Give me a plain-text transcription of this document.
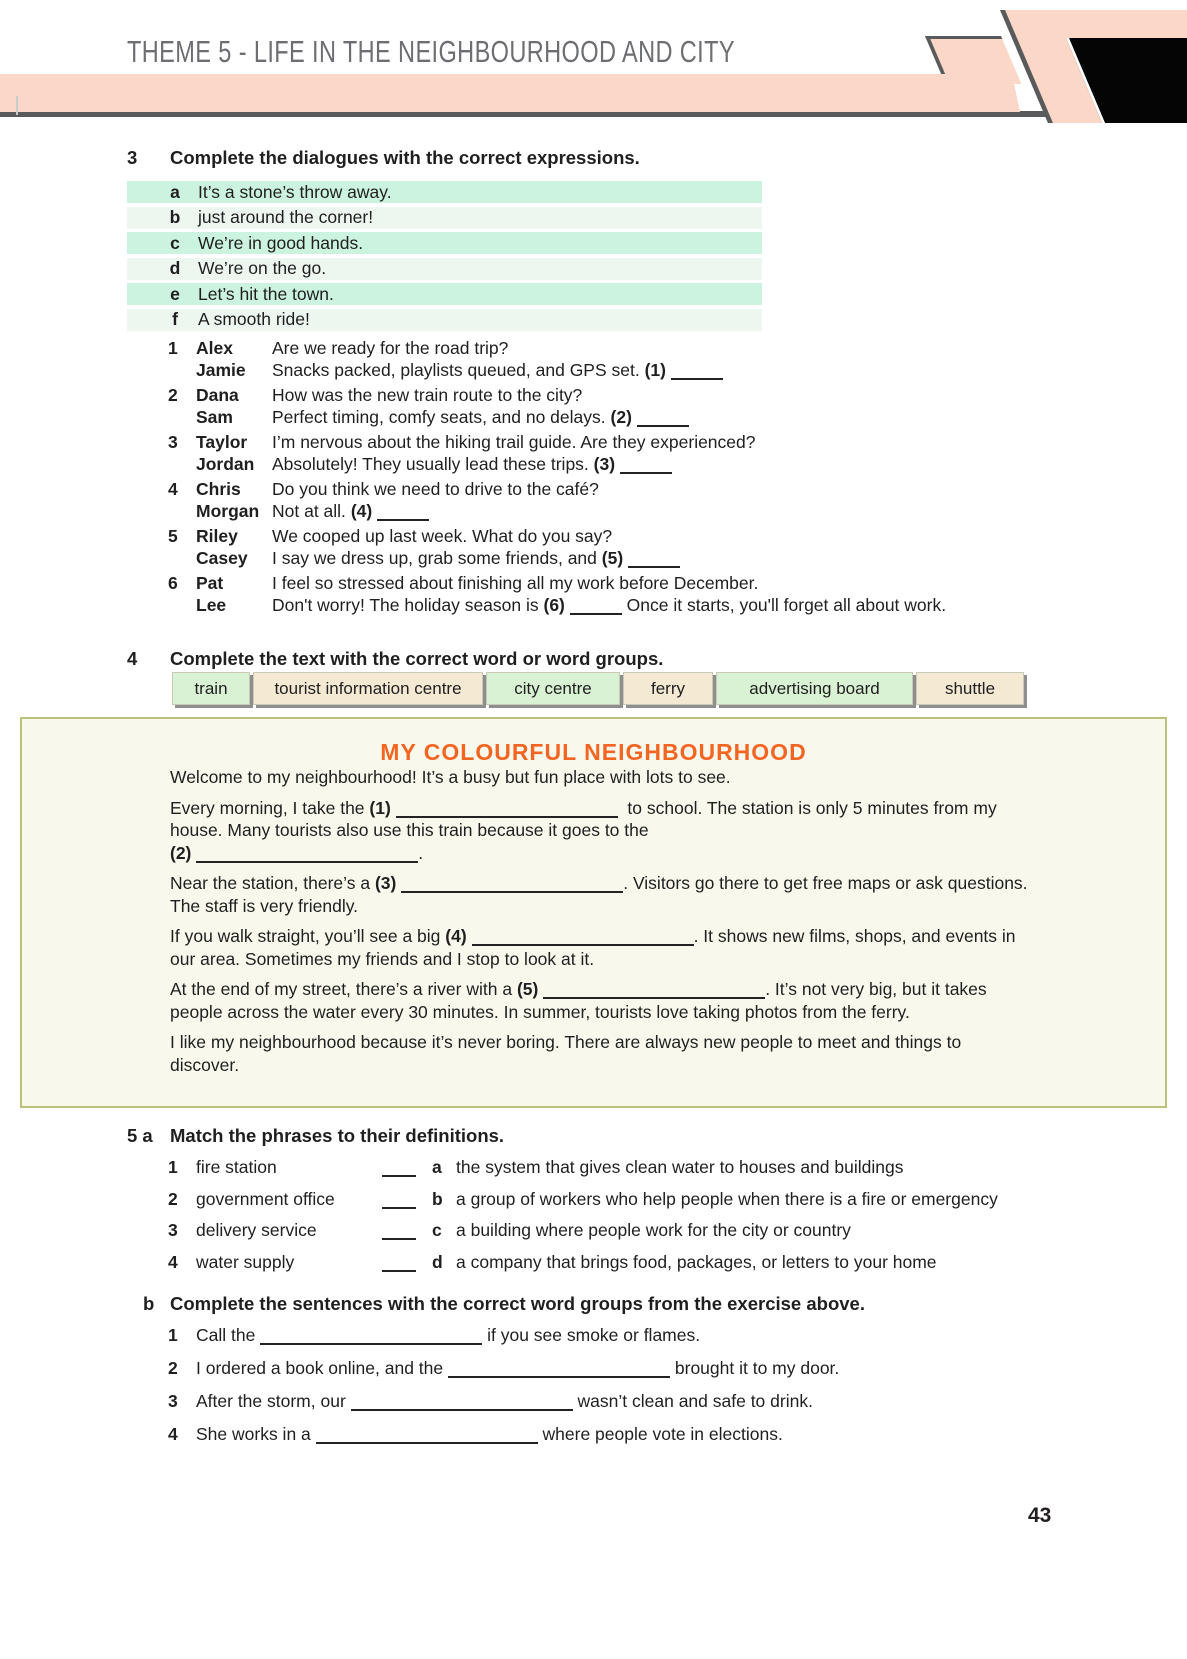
THEME 5 - LIFE IN THE NEIGHBOURHOOD AND CITY
3 Complete the dialogues with the correct expressions.
a It’s a stone’s throw away.
b just around the corner!
c We’re in good hands.
d We’re on the go.
e Let’s hit the town.
f A smooth ride!
1	Alex	Are we ready for the road trip?
Jamie	Snacks packed, playlists queued, and GPS set. (1)
2	Dana	How was the new train route to the city?
Sam	Perfect timing, comfy seats, and no delays. (2)
3	Taylor	I’m nervous about the hiking trail guide. Are they experienced?
Jordan	Absolutely! They usually lead these trips. (3)
4	Chris	Do you think we need to drive to the café?
Morgan Not at all. (4)
5	Riley	We cooped up last week. What do you say?
Casey	I say we dress up, grab some friends, and (5)
6	Pat	I feel so stressed about finishing all my work before December.
Lee	Don't worry! The holiday season is (6)	Once it starts, you'll forget all about work.
4 Complete the text with the correct word or word groups.
train	tourist information centre	city centre	ferry	advertising board	shuttle
MY COLOURFUL NEIGHBOURHOOD

Welcome to my neighbourhood! It’s a busy but fun place with lots to see.

Every morning, I take the (1)	to school. The station is only 5 minutes from my house. Many tourists also use this train because it goes to the
(2)	.

Near the station, there’s a (3)	. Visitors go there to get free maps or ask questions. The staff is very friendly.

If you walk straight, you’ll see a big (4)	. It shows new films, shops, and events in our area. Sometimes my friends and I stop to look at it.

At the end of my street, there’s a river with a (5)	. It’s not very big, but it takes people across the water every 30 minutes. In summer, tourists love taking photos from the ferry.

I like my neighbourhood because it’s never boring. There are always new people to meet and things to discover.

5 a Match the phrases to their definitions.
1	fire station	a the system that gives clean water to houses and buildings
2	government office	b a group of workers who help people when there is a fire or emergency
3	delivery service	c a building where people work for the city or country
4	water supply	d a company that brings food, packages, or letters to your home
b Complete the sentences with the correct word groups from the exercise above.
1	Call the	if you see smoke or flames.
2	I ordered a book online, and the	brought it to my door.
3	After the storm, our	wasn’t clean and safe to drink.
4	She works in a	where people vote in elections.
43
